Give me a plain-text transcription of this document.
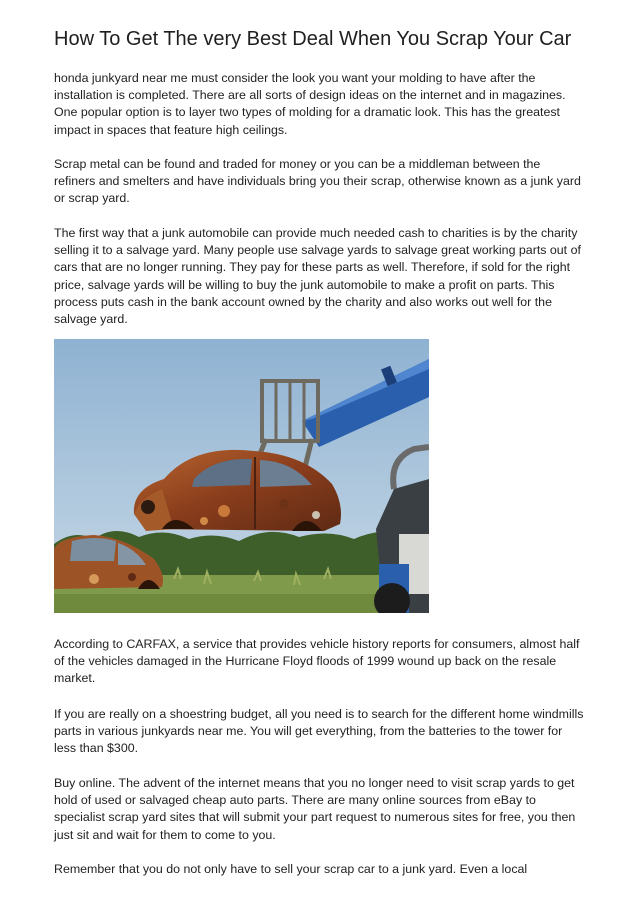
How To Get The very Best Deal When You Scrap Your Car

honda junkyard near me must consider the look you want your molding to have after the installation is completed. There are all sorts of design ideas on the internet and in magazines. One popular option is to layer two types of molding for a dramatic look. This has the greatest impact in spaces that feature high ceilings.

Scrap metal can be found and traded for money or you can be a middleman between the refiners and smelters and have individuals bring you their scrap, otherwise known as a junk yard or scrap yard.

The first way that a junk automobile can provide much needed cash to charities is by the charity selling it to a salvage yard. Many people use salvage yards to salvage great working parts out of cars that are no longer running. They pay for these parts as well. Therefore, if sold for the right price, salvage yards will be willing to buy the junk automobile to make a profit on parts. This process puts cash in the bank account owned by the charity and also works out well for the salvage yard.

According to CARFAX, a service that provides vehicle history reports for consumers, almost half of the vehicles damaged in the Hurricane Floyd floods of 1999 wound up back on the resale market.

If you are really on a shoestring budget, all you need is to search for the different home windmills parts in various junkyards near me. You will get everything, from the batteries to the tower for less than $300.

Buy online. The advent of the internet means that you no longer need to visit scrap yards to get hold of used or salvaged cheap auto parts. There are many online sources from eBay to specialist scrap yard sites that will submit your part request to numerous sites for free, you then just sit and wait for them to come to you.

Remember that you do not only have to sell your scrap car to a junk yard. Even a local
